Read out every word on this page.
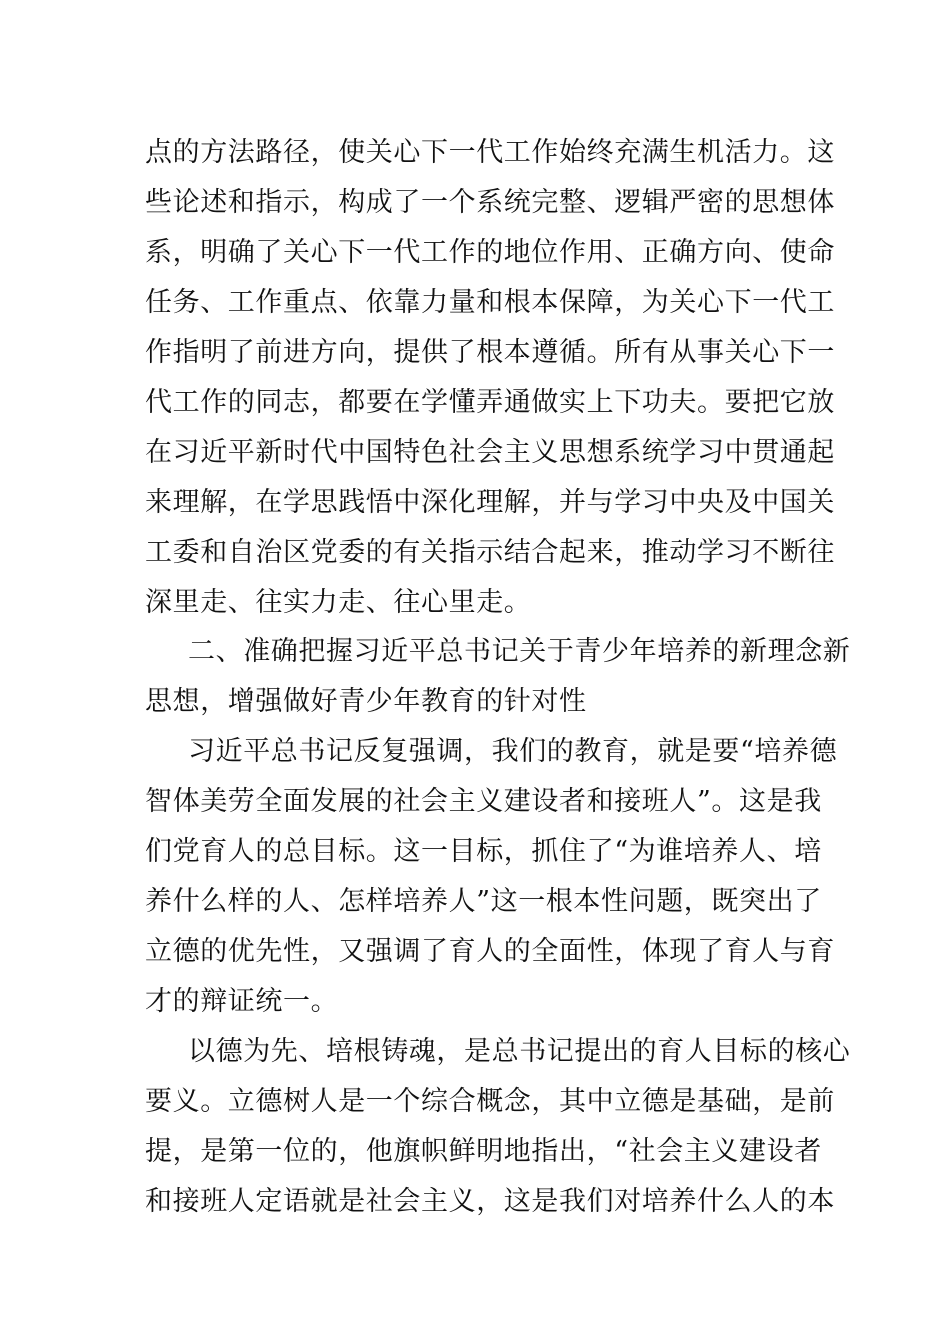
点的方法路径，使关心下一代工作始终充满生机活力。这
些论述和指示，构成了一个系统完整、逻辑严密的思想体
系，明确了关心下一代工作的地位作用、正确方向、使命
任务、工作重点、依靠力量和根本保障，为关心下一代工
作指明了前进方向，提供了根本遵循。所有从事关心下一
代工作的同志，都要在学懂弄通做实上下功夫。要把它放
在习近平新时代中国特色社会主义思想系统学习中贯通起
来理解，在学思践悟中深化理解，并与学习中央及中国关
工委和自治区党委的有关指示结合起来，推动学习不断往
深里走、往实力走、往心里走。
二、准确把握习近平总书记关于青少年培养的新理念新
思想，增强做好青少年教育的针对性
习近平总书记反复强调，我们的教育，就是要“培养德
智体美劳全面发展的社会主义建设者和接班人”。这是我
们党育人的总目标。这一目标，抓住了“为谁培养人、培
养什么样的人、怎样培养人”这一根本性问题，既突出了
立德的优先性，又强调了育人的全面性，体现了育人与育
才的辩证统一。
以德为先、培根铸魂，是总书记提出的育人目标的核心
要义。立德树人是一个综合概念，其中立德是基础，是前
提，是第一位的，他旗帜鲜明地指出，“社会主义建设者
和接班人定语就是社会主义，这是我们对培养什么人的本
